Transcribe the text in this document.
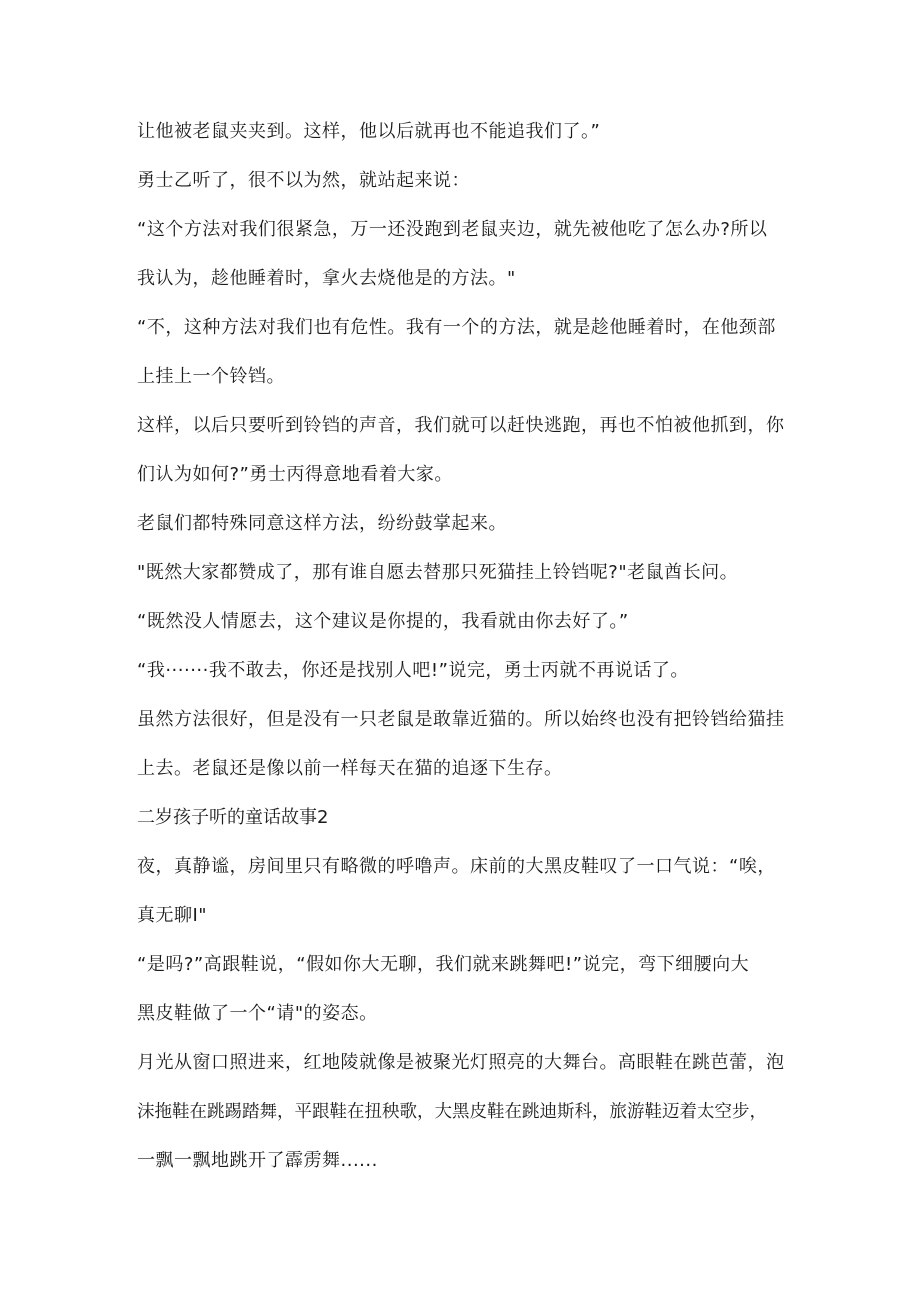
让他被老鼠夹夹到。这样，他以后就再也不能追我们了。”
勇士乙听了，很不以为然，就站起来说：
“这个方法对我们很紧急，万一还没跑到老鼠夹边，就先被他吃了怎么办?所以
我认为，趁他睡着时，拿火去烧他是的方法。"
“不，这种方法对我们也有危性。我有一个的方法，就是趁他睡着时，在他颈部
上挂上一个铃铛。
这样，以后只要听到铃铛的声音，我们就可以赶快逃跑，再也不怕被他抓到，你
们认为如何?”勇士丙得意地看着大家。
老鼠们都特殊同意这样方法，纷纷鼓掌起来。
"既然大家都赞成了，那有谁自愿去替那只死猫挂上铃铛呢?"老鼠酋长问。
“既然没人情愿去，这个建议是你提的，我看就由你去好了。”
“我·······我不敢去，你还是找别人吧!”说完，勇士丙就不再说话了。
虽然方法很好，但是没有一只老鼠是敢靠近猫的。所以始终也没有把铃铛给猫挂
上去。老鼠还是像以前一样每天在猫的追逐下生存。
二岁孩子听的童话故事2
夜，真静谧，房间里只有略微的呼噜声。床前的大黑皮鞋叹了一口气说：“唉，
真无聊I"
“是吗?”高跟鞋说，“假如你大无聊，我们就来跳舞吧!”说完，弯下细腰向大
黑皮鞋做了一个“请"的姿态。
月光从窗口照进来，红地陵就像是被聚光灯照亮的大舞台。高眼鞋在跳芭蕾，泡
沫拖鞋在跳踢踏舞，平跟鞋在扭秧歌，大黑皮鞋在跳迪斯科，旅游鞋迈着太空步，
一飘一飘地跳开了霹雳舞......
